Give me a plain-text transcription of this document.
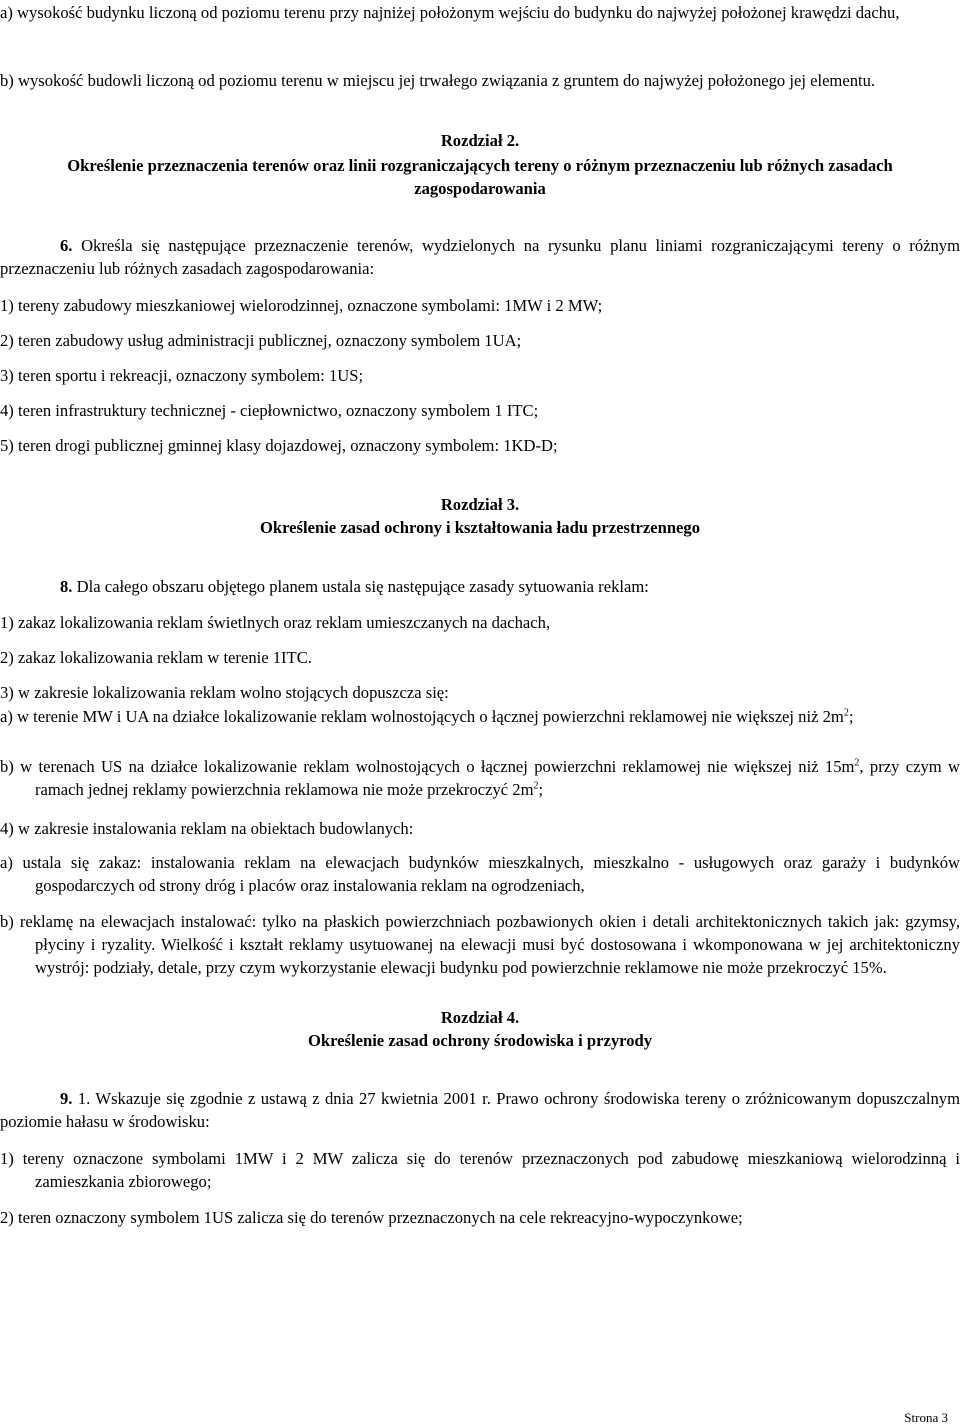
a) wysokość budynku liczoną od poziomu terenu przy najniżej położonym wejściu do budynku do najwyżej położonej krawędzi dachu,

b) wysokość budowli liczoną od poziomu terenu w miejscu jej trwałego związania z gruntem do najwyżej położonego jej elementu.

Rozdział 2.

Określenie przeznaczenia terenów oraz linii rozgraniczających tereny o różnym przeznaczeniu lub różnych zasadach zagospodarowania

6. Określa się następujące przeznaczenie terenów, wydzielonych na rysunku planu liniami rozgraniczającymi tereny o różnym przeznaczeniu lub różnych zasadach zagospodarowania:

1) tereny zabudowy mieszkaniowej wielorodzinnej, oznaczone symbolami: 1MW i 2 MW;

2) teren zabudowy usług administracji publicznej, oznaczony symbolem 1UA;

3) teren sportu i rekreacji, oznaczony symbolem: 1US;

4) teren infrastruktury technicznej - ciepłownictwo, oznaczony symbolem 1 ITC;

5) teren drogi publicznej gminnej klasy dojazdowej, oznaczony symbolem: 1KD-D;

Rozdział 3.

Określenie zasad ochrony i kształtowania ładu przestrzennego

8. Dla całego obszaru objętego planem ustala się następujące zasady sytuowania reklam:

1) zakaz lokalizowania reklam świetlnych oraz reklam umieszczanych na dachach,

2) zakaz lokalizowania reklam w terenie 1ITC.

3) w zakresie lokalizowania reklam wolno stojących dopuszcza się:

a) w terenie MW i UA na działce lokalizowanie reklam wolnostojących o łącznej powierzchni reklamowej nie większej niż $2m^2$;

b) w terenach US na działce lokalizowanie reklam wolnostojących o łącznej powierzchni reklamowej nie większej niż $15m^2$, przy czym w ramach jednej reklamy powierzchnia reklamowa nie może przekroczyć $2m^2$;

4) w zakresie instalowania reklam na obiektach budowlanych:

a) ustala się zakaz: instalowania reklam na elewacjach budynków mieszkalnych, mieszkalno - usługowych oraz garaży i budynków gospodarczych od strony dróg i placów oraz instalowania reklam na ogrodzeniach,

b) reklamę na elewacjach instalować: tylko na płaskich powierzchniach pozbawionych okien i detali architektonicznych takich jak: gzymsy, płyciny i ryzality. Wielkość i kształt reklamy usytuowanej na elewacji musi być dostosowana i wkomponowana w jej architektoniczny wystrój: podziały, detale, przy czym wykorzystanie elewacji budynku pod powierzchnie reklamowe nie może przekroczyć 15%.

Rozdział 4.

Określenie zasad ochrony środowiska i przyrody

9. 1. Wskazuje się zgodnie z ustawą z dnia 27 kwietnia 2001 r. Prawo ochrony środowiska tereny o zróżnicowanym dopuszczalnym poziomie hałasu w środowisku:

1) tereny oznaczone symbolami 1MW i 2 MW zalicza się do terenów przeznaczonych pod zabudowę mieszkaniową wielorodzinną i zamieszkania zbiorowego;

2) teren oznaczony symbolem 1US zalicza się do terenów przeznaczonych na cele rekreacyjno-wypoczynkowe;

Strona 3
